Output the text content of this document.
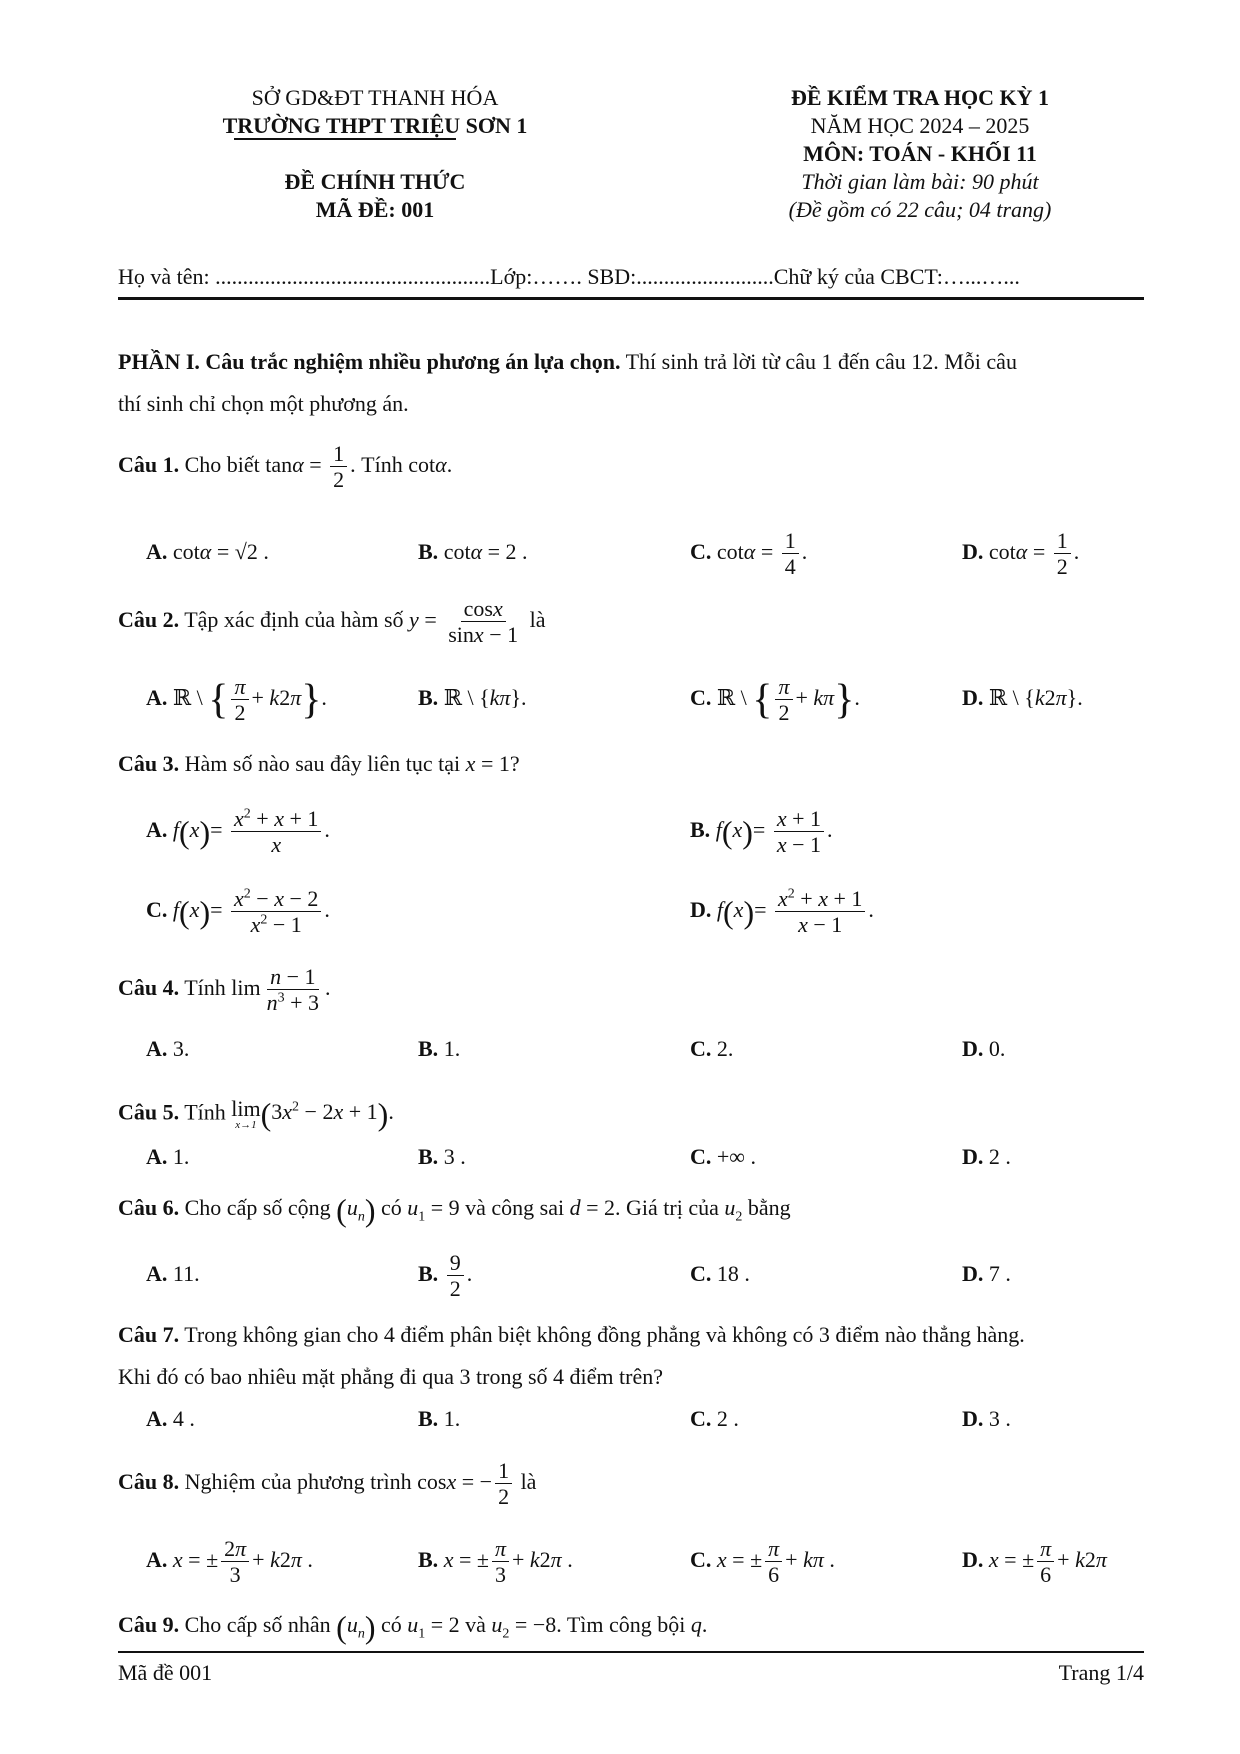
SỞ GD&ĐT THANH HÓA
TRƯỜNG THPT TRIỆU SƠN 1
ĐỀ CHÍNH THỨC
MÃ ĐỀ: 001
ĐỀ KIỂM TRA HỌC KỲ 1
NĂM HỌC 2024 – 2025
MÔN: TOÁN - KHỐI 11
Thời gian làm bài: 90 phút
(Đề gồm có 22 câu; 04 trang)
Họ và tên: ..................................................Lớp:……. SBD:.........................Chữ ký của CBCT:…...…...
PHẦN I. Câu trắc nghiệm nhiều phương án lựa chọn. Thí sinh trả lời từ câu 1 đến câu 12. Mỗi câu
thí sinh chỉ chọn một phương án.
Câu 1. Cho biết $\tan\alpha = \frac{1}{2}$ . Tính cotα.
A. cotα = √2 .	B. cotα = 2 .	C. $\cot\alpha = \frac{1}{4}$ .	D. $\cot\alpha = \frac{1}{2}$ .
Câu 2. Tập xác định của hàm số $y = \frac{\cos x}{\sin x - 1}$ là
A. ℝ \ { $\frac{\pi}{2} + k2\pi$}.	B. ℝ \ {kπ}.	C. ℝ \ { $\frac{\pi}{2} + k\pi$}.	D. ℝ \ {k2π}.
Câu 3. Hàm số nào sau đây liên tục tại x = 1?
A. $f(x)= \frac{x^2 + x + 1}{x}$ .	B. $f(x)= \frac{x + 1}{x - 1}$ .
C. $f(x)= \frac{x^2 - x - 2}{x^2 - 1}$ .	D. $f(x)= \frac{x^2 + x + 1}{x - 1}$ .
Câu 4. Tính $\lim \frac{n - 1}{n^3 + 3}$ .
A. 3.	B. 1.	C. 2.	D. 0.
Câu 5. Tính lim
x→1 $(3x^2 - 2x + 1)$.
A. 1.	B. 3 .	C. +∞ .	D. 2 .
Câu 6. Cho cấp số cộng $(u_n)$ có $u_1 = 9$ và công sai d = 2. Giá trị của $u_2$ bằng
A. 11.	B. $\frac{9}{2}$ .	C. 18 .	D. 7 .
Câu 7. Trong không gian cho 4 điểm phân biệt không đồng phẳng và không có 3 điểm nào thẳng hàng.
Khi đó có bao nhiêu mặt phẳng đi qua 3 trong số 4 điểm trên?
A. 4 .	B. 1.	C. 2 .	D. 3 .
Câu 8. Nghiệm của phương trình cosx = − $\frac{1}{2}$ là
A. x = ± $\frac{2\pi}{3} + k2\pi$ .	B. x = ± $\frac{\pi}{3} + k2\pi$ .	C. x = ± $\frac{\pi}{6} + k\pi$ .	D. x = ± $\frac{\pi}{6} + k2\pi$
Câu 9. Cho cấp số nhân $(u_n)$ có $u_1 = 2$ và $u_2 = -8$. Tìm công bội q.
Mã đề 001	Trang 1/4
